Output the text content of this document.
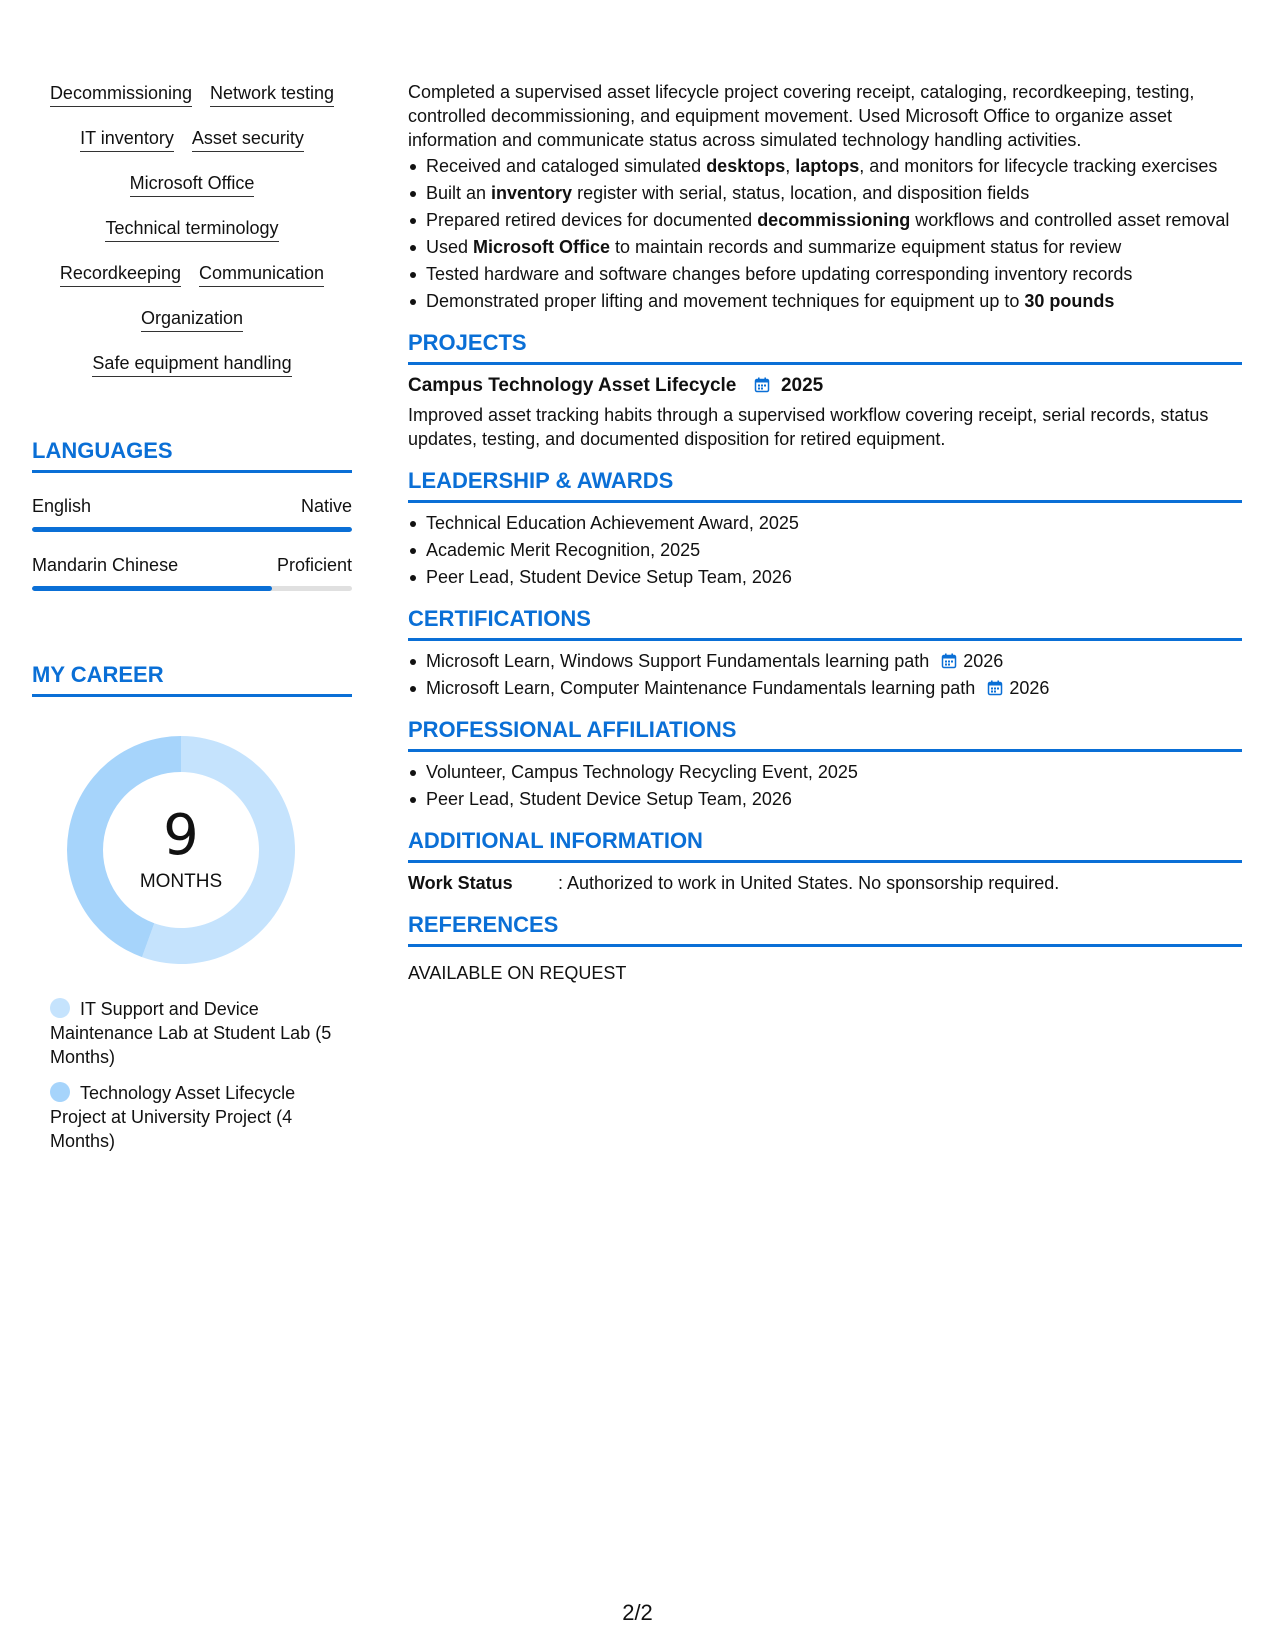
Decommissioning Network testing
IT inventory Asset security
Microsoft Office
Technical terminology
Recordkeeping Communication
Organization
Safe equipment handling
LANGUAGES
English	Native
Mandarin Chinese	Proficient
MY CAREER
9
MONTHS
IT Support and Device Maintenance Lab at Student Lab (5 Months)
Technology Asset Lifecycle Project at University Project (4 Months)

Completed a supervised asset lifecycle project covering receipt, cataloging, recordkeeping, testing, controlled decommissioning, and equipment movement. Used Microsoft Office to organize asset information and communicate status across simulated technology handling activities.

Received and cataloged simulated desktops, laptops, and monitors for lifecycle tracking exercises
Built an inventory register with serial, status, location, and disposition fields
Prepared retired devices for documented decommissioning workflows and controlled asset removal
Used Microsoft Office to maintain records and summarize equipment status for review
Tested hardware and software changes before updating corresponding inventory records
Demonstrated proper lifting and movement techniques for equipment up to 30 pounds
PROJECTS
Campus Technology Asset Lifecycle 2025

Improved asset tracking habits through a supervised workflow covering receipt, serial records, status updates, testing, and documented disposition for retired equipment.

LEADERSHIP & AWARDS
Technical Education Achievement Award, 2025
Academic Merit Recognition, 2025
Peer Lead, Student Device Setup Team, 2026
CERTIFICATIONS
Microsoft Learn, Windows Support Fundamentals learning path 2026
Microsoft Learn, Computer Maintenance Fundamentals learning path 2026
PROFESSIONAL AFFILIATIONS
Volunteer, Campus Technology Recycling Event, 2025
Peer Lead, Student Device Setup Team, 2026
ADDITIONAL INFORMATION
Work Status	: Authorized to work in United States. No sponsorship required.
REFERENCES

AVAILABLE ON REQUEST

2/2
